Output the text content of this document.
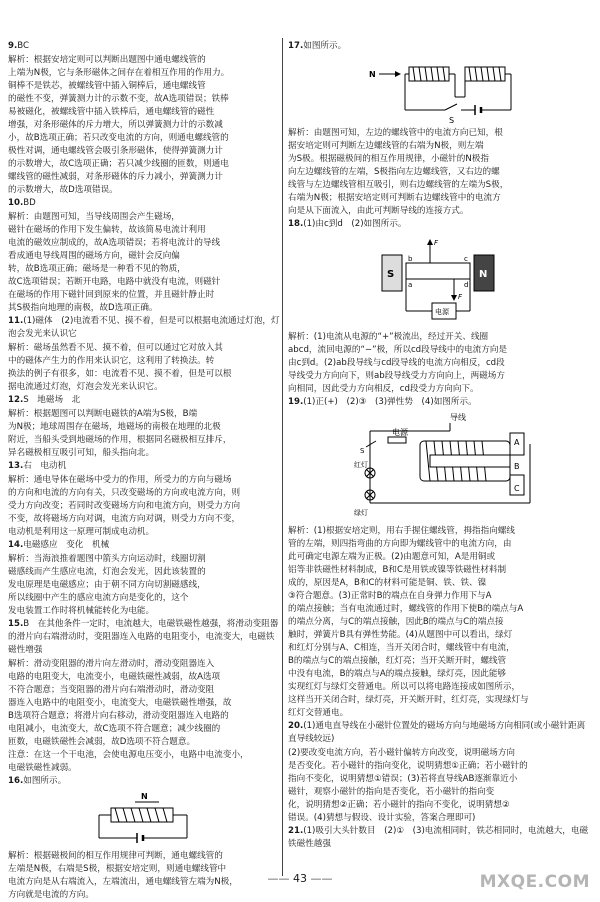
9.BC
解析：根据安培定则可以判断出题图中通电螺线管的
上端为N极，它与条形磁体之间存在着相互作用的作用力。
铜棒不是铁芯，被螺线管中插入铜棒后，通电螺线管
的磁性不变，弹簧测力计的示数不变，故A选项错误；铁棒
易被磁化，被螺线管中插入铁棒后，通电螺线管的磁性
增强，对条形磁体的斥力增大，所以弹簧测力计的示数减
小，故B选项正确；若只改变电流的方向，则通电螺线管的
极性对调，通电螺线管会吸引条形磁体，使得弹簧测力计
的示数增大，故C选项正确；若只减少线圈的匝数，则通电
螺线管的磁性减弱，对条形磁体的斥力减小，弹簧测力计
的示数增大，故D选项错误。
10.BD
解析：由题图可知，当导线周围会产生磁场，
磁针在磁场的作用下发生偏转，故该简易电流计利用
电流的磁效应制成的，故A选项错误；若将电流计的导线
看成通电导线周围的磁场方向，磁针会反向偏
转，故B选项正确；磁场是一种看不见的物质，
故C选项错误；若断开电路，电路中就没有电流，则磁针
在磁场的作用下磁针回到原来的位置，并且磁针静止时
其S极指向地理的南极，故D选项正确。
11.(1)磁体　(2)电流看不见、摸不着，但是可以根据电流通过灯泡，灯泡会发光来认识它
解析：磁场虽然看不见、摸不着，但可以通过它对放入其
中的磁体产生力的作用来认识它，这利用了转换法。转
换法的例子有很多，如：电流看不见、摸不着，但是可以根
据电流通过灯泡，灯泡会发光来认识它。
12.S　地磁场　北
解析：根据题图可以判断电磁铁的A端为S极，B端
为N极；地球周围存在磁场，地磁场的南极在地理的北极
附近，当船头受到地磁场的作用，根据同名磁极相互排斥，
异名磁极相互吸引可知，船头指向北。
13.右　电动机
解析：通电导体在磁场中受力的作用，所受力的方向与磁场
的方向和电流的方向有关，只改变磁场的方向或电流方向，则
受力方向改变；若同时改变磁场方向和电流方向，则受力方向
不变，故将磁场方向对调，电流方向对调，则受力方向不变，
电动机是利用这一原理可制成电动机。
14.电磁感应　变化　机械
解析：当海浪推着题图中箭头方向运动时，线圈切割
磁感线而产生感应电流，灯泡会发光，因此该装置的
发电原理是电磁感应；由于朝不同方向切割磁感线，
所以线圈中产生的感应电流方向是变化的，这个
发电装置工作时将机械能转化为电能。
15.B　在其他条件一定时，电流越大，电磁铁磁性越强，将滑动变阻器的滑片向右端滑动时，变阻器连入电路的电阻变小，电流变大，电磁铁磁性增强
解析：滑动变阻器的滑片向左滑动时，滑动变阻器连入
电路的电阻变大，电流变小，电磁铁磁性减弱，故A选项
不符合题意；当变阻器的滑片向右端滑动时，滑动变阻
器连入电路中的电阻变小，电流变大，电磁铁磁性增强，故
B选项符合题意；将滑片向右移动，滑动变阻器连入电路的
电阻减小，电流变大，故C选项不符合题意；减少线圈的
匝数，电磁铁磁性会减弱，故D选项不符合题意。
注意：在这一个干电池，会使电源电压变小，电路中电流变小，
电磁铁磁性减弱。
16.如图所示。
N
解析：根据磁极间的相互作用规律可判断，通电螺线管的
左端是N极，右端是S极，根据安培定则，则通电螺线管中
电流方向是从右端流入，左端流出，通电螺线管左端为N极，
方向就是电流的方向。
17.如图所示。
N
S
解析：由题图可知，左边的螺线管中的电流方向已知，根
据安培定则可判断左边螺线管的右端为N极，则左端
为S极。根据磁极间的相互作用规律，小磁针的N极指
向左边螺线管的左端，S极指向左边螺线管，又右边的螺
线管与左边螺线管相互吸引，则右边螺线管的左端为S极，
右端为N极；根据安培定则可判断右边螺线管中的电流方
向是从下面流入，由此可判断导线的连接方式。
18.(1)由c到d　(2)如图所示。
S	N
b	c
a	d
F
F
电源
解析：(1)电流从电源的“+”极流出，经过开关、线圈
abcd，流回电源的“−”极，所以cd段导线中的电流方向是
由c到d。(2)ab段导线与cd段导线的电流方向相反，cd段
导线受力方向向下，则ab段导线受力方向向上，两磁场方
向相同，因此受力方向相反，cd段受力方向向下。
19.(1)正(+)　(2)③　(3)弹性势　(4)如图所示。
导线
电源
A
C
B
S
红灯
绿灯
解析：(1)根据安培定则，用右手握住螺线管，拇指指向螺线
管的左端，则四指弯曲的方向即为螺线管中的电流方向，由
此可确定电源左端为正极。(2)由题意可知，A是用铜或
铝等非铁磁性材料制成，B和C是用铁或镍等铁磁性材料制
成的，原因是A，B和C的材料可能是铜、铁、铁、镍
③符合题意。(3)正常时B的端点在自身弹力作用下与A
的端点接触；当有电流通过时，螺线管的作用下使B的端点与A
的端点分离，与C的端点接触，因此B的端点与C的端点接
触时，弹簧片B具有弹性势能。(4)从题图中可以看出，绿灯
和红灯分别与A、C相连，当开关闭合时，螺线管中有电流，
B的端点与C的端点接触，红灯亮；当开关断开时，螺线管
中没有电流，B的端点与A的端点接触，绿灯亮，因此能够
实现红灯与绿灯交替通电。所以可以将电路连接成如图所示，
这样当开关闭合时，绿灯亮，开关断开时，红灯亮，实现绿灯与
红灯交替通电。
20.(1)通电直导线在小磁针位置处的磁场方向与地磁场方向相同(或小磁针距离直导线较远)
(2)要改变电流方向，若小磁针偏转方向改变，说明磁场方向
是否变化。若小磁针的指向变化，说明猜想①正确；若小磁针的
指向不变化，说明猜想①错误；(3)若将直导线AB逐渐靠近小
磁针，观察小磁针的指向是否变化，若小磁针的指向变
化，说明猜想②正确；若小磁针的指向不变化，说明猜想②
错误。(4)猜想与假设、设计实验，答案合理即可)
21.(1)吸引大头针数目　(2)①　(3)电流相同时，铁芯相同时，电流越大，电磁铁磁性越强
—— 43 ——	MXQE.COM
